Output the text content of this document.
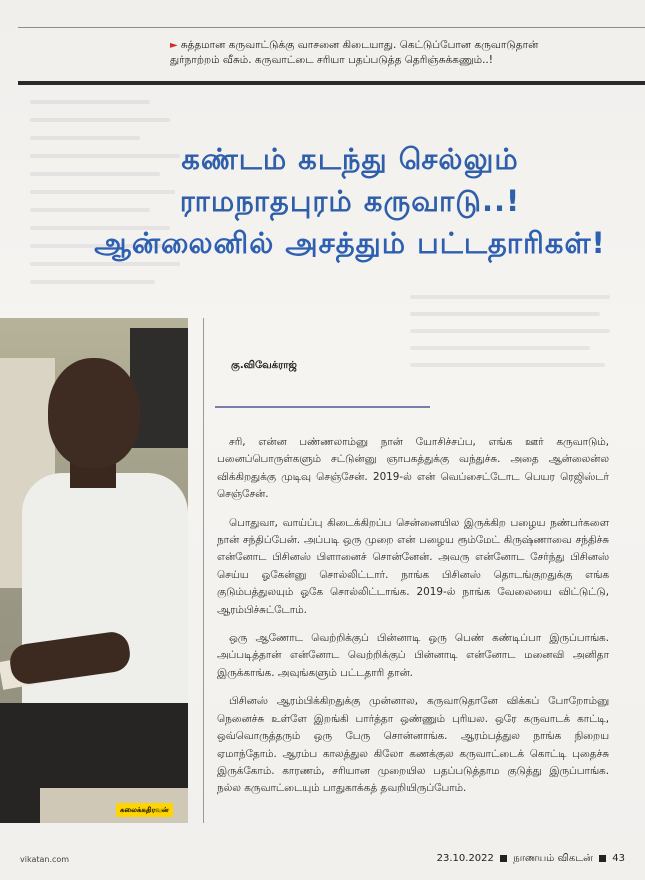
► சுத்தமான கருவாட்டுக்கு வாசனை கிடையாது. கெட்டுப்போன கருவாடுதான் துர்நாற்றம் வீசும். கருவாட்டை சரியா பதப்படுத்த தெரிஞ்சுக்கணும்..!
கண்டம் கடந்து செல்லும்
ராமநாதபுரம் கருவாடு..!
ஆன்லைனில் அசத்தும் பட்டதாரிகள்!
கலைக்கதிரவன்
கு.விவேக்ராஜ்

சரி, என்ன பண்ணலாம்னு நான் யோசிச்சப்ப, எங்க ஊர் கருவாடும், பனைப்பொருள்களும் சட்டுன்னு ஞாபகத்துக்கு வந்துச்சு. அதை ஆன்லைன்ல விக்கிறதுக்கு முடிவு செஞ்சேன். 2019-ல் என் வெப்சைட்டோட பெயர ரெஜிஸ்டர் செஞ்சேன்.

பொதுவா, வாய்ப்பு கிடைக்கிறப்ப சென்னையில இருக்கிற பழைய நண்பர்களை நான் சந்திப்பேன். அப்படி ஒரு முறை என் பழைய ரூம்மேட் கிருஷ்ணாவை சந்திச்சு என்னோட பிசினஸ் பிளானைச் சொன்னேன். அவரு என்னோட சேர்ந்து பிசினஸ் செய்ய ஓகேன்னு சொல்லிட்டார். நாங்க பிசினஸ் தொடங்குறதுக்கு எங்க குடும்பத்துலயும் ஓகே சொல்லிட்டாங்க. 2019-ல் நாங்க வேலையை விட்டுட்டு, ஆரம்பிச்சுட்டோம்.

ஒரு ஆணோட வெற்றிக்குப் பின்னாடி ஒரு பெண் கண்டிப்பா இருப்பாங்க. அப்படித்தான் என்னோட வெற்றிக்குப் பின்னாடி என்னோட மனைவி அனிதா இருக்காங்க. அவுங்களும் பட்டதாரி தான்.

பிசினஸ் ஆரம்பிக்கிறதுக்கு முன்னால, கருவாடுதானே விக்கப் போறோம்னு நெனைச்சு உள்ளே இறங்கி பார்த்தா ஒண்ணும் புரியல. ஒரே கருவாடக் காட்டி, ஒவ்வொருத்தரும் ஒரு பேரு சொன்னாங்க. ஆரம்பத்துல நாங்க நிறைய ஏமாந்தோம். ஆரம்ப காலத்துல கிலோ கணக்குல கருவாட்டைக் கொட்டி புதைச்சு இருக்கோம். காரணம், சரியான முறையில பதப்படுத்தாம குடுத்து இருப்பாங்க. நல்ல கருவாட்டையும் பாதுகாக்கத் தவறியிருப்போம்.

vikatan.com	23.10.2022 நாணயம் விகடன் 43
